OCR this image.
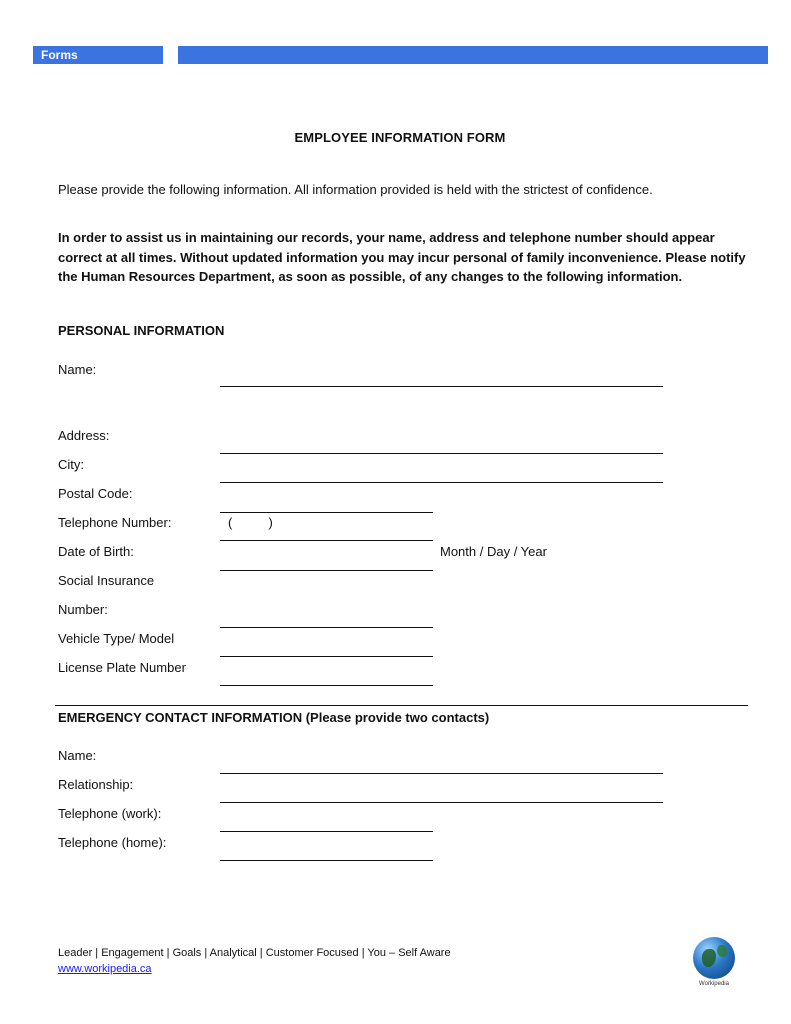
Forms
EMPLOYEE INFORMATION FORM
Please provide the following information. All information provided is held with the strictest of confidence.
In order to assist us in maintaining our records, your name, address and telephone number should appear correct at all times. Without updated information you may incur personal of family inconvenience. Please notify the Human Resources Department, as soon as possible, of any changes to the following information.
PERSONAL INFORMATION
Name:
Address:
City:
Postal Code:
Telephone Number:	(          )
Date of Birth:	Month / Day / Year
Social Insurance
Number:
Vehicle Type/ Model
License Plate Number
EMERGENCY CONTACT INFORMATION (Please provide two contacts)
Name:
Relationship:
Telephone (work):
Telephone (home):
Leader | Engagement | Goals | Analytical | Customer Focused | You – Self Aware
www.workipedia.ca
Workipedia
